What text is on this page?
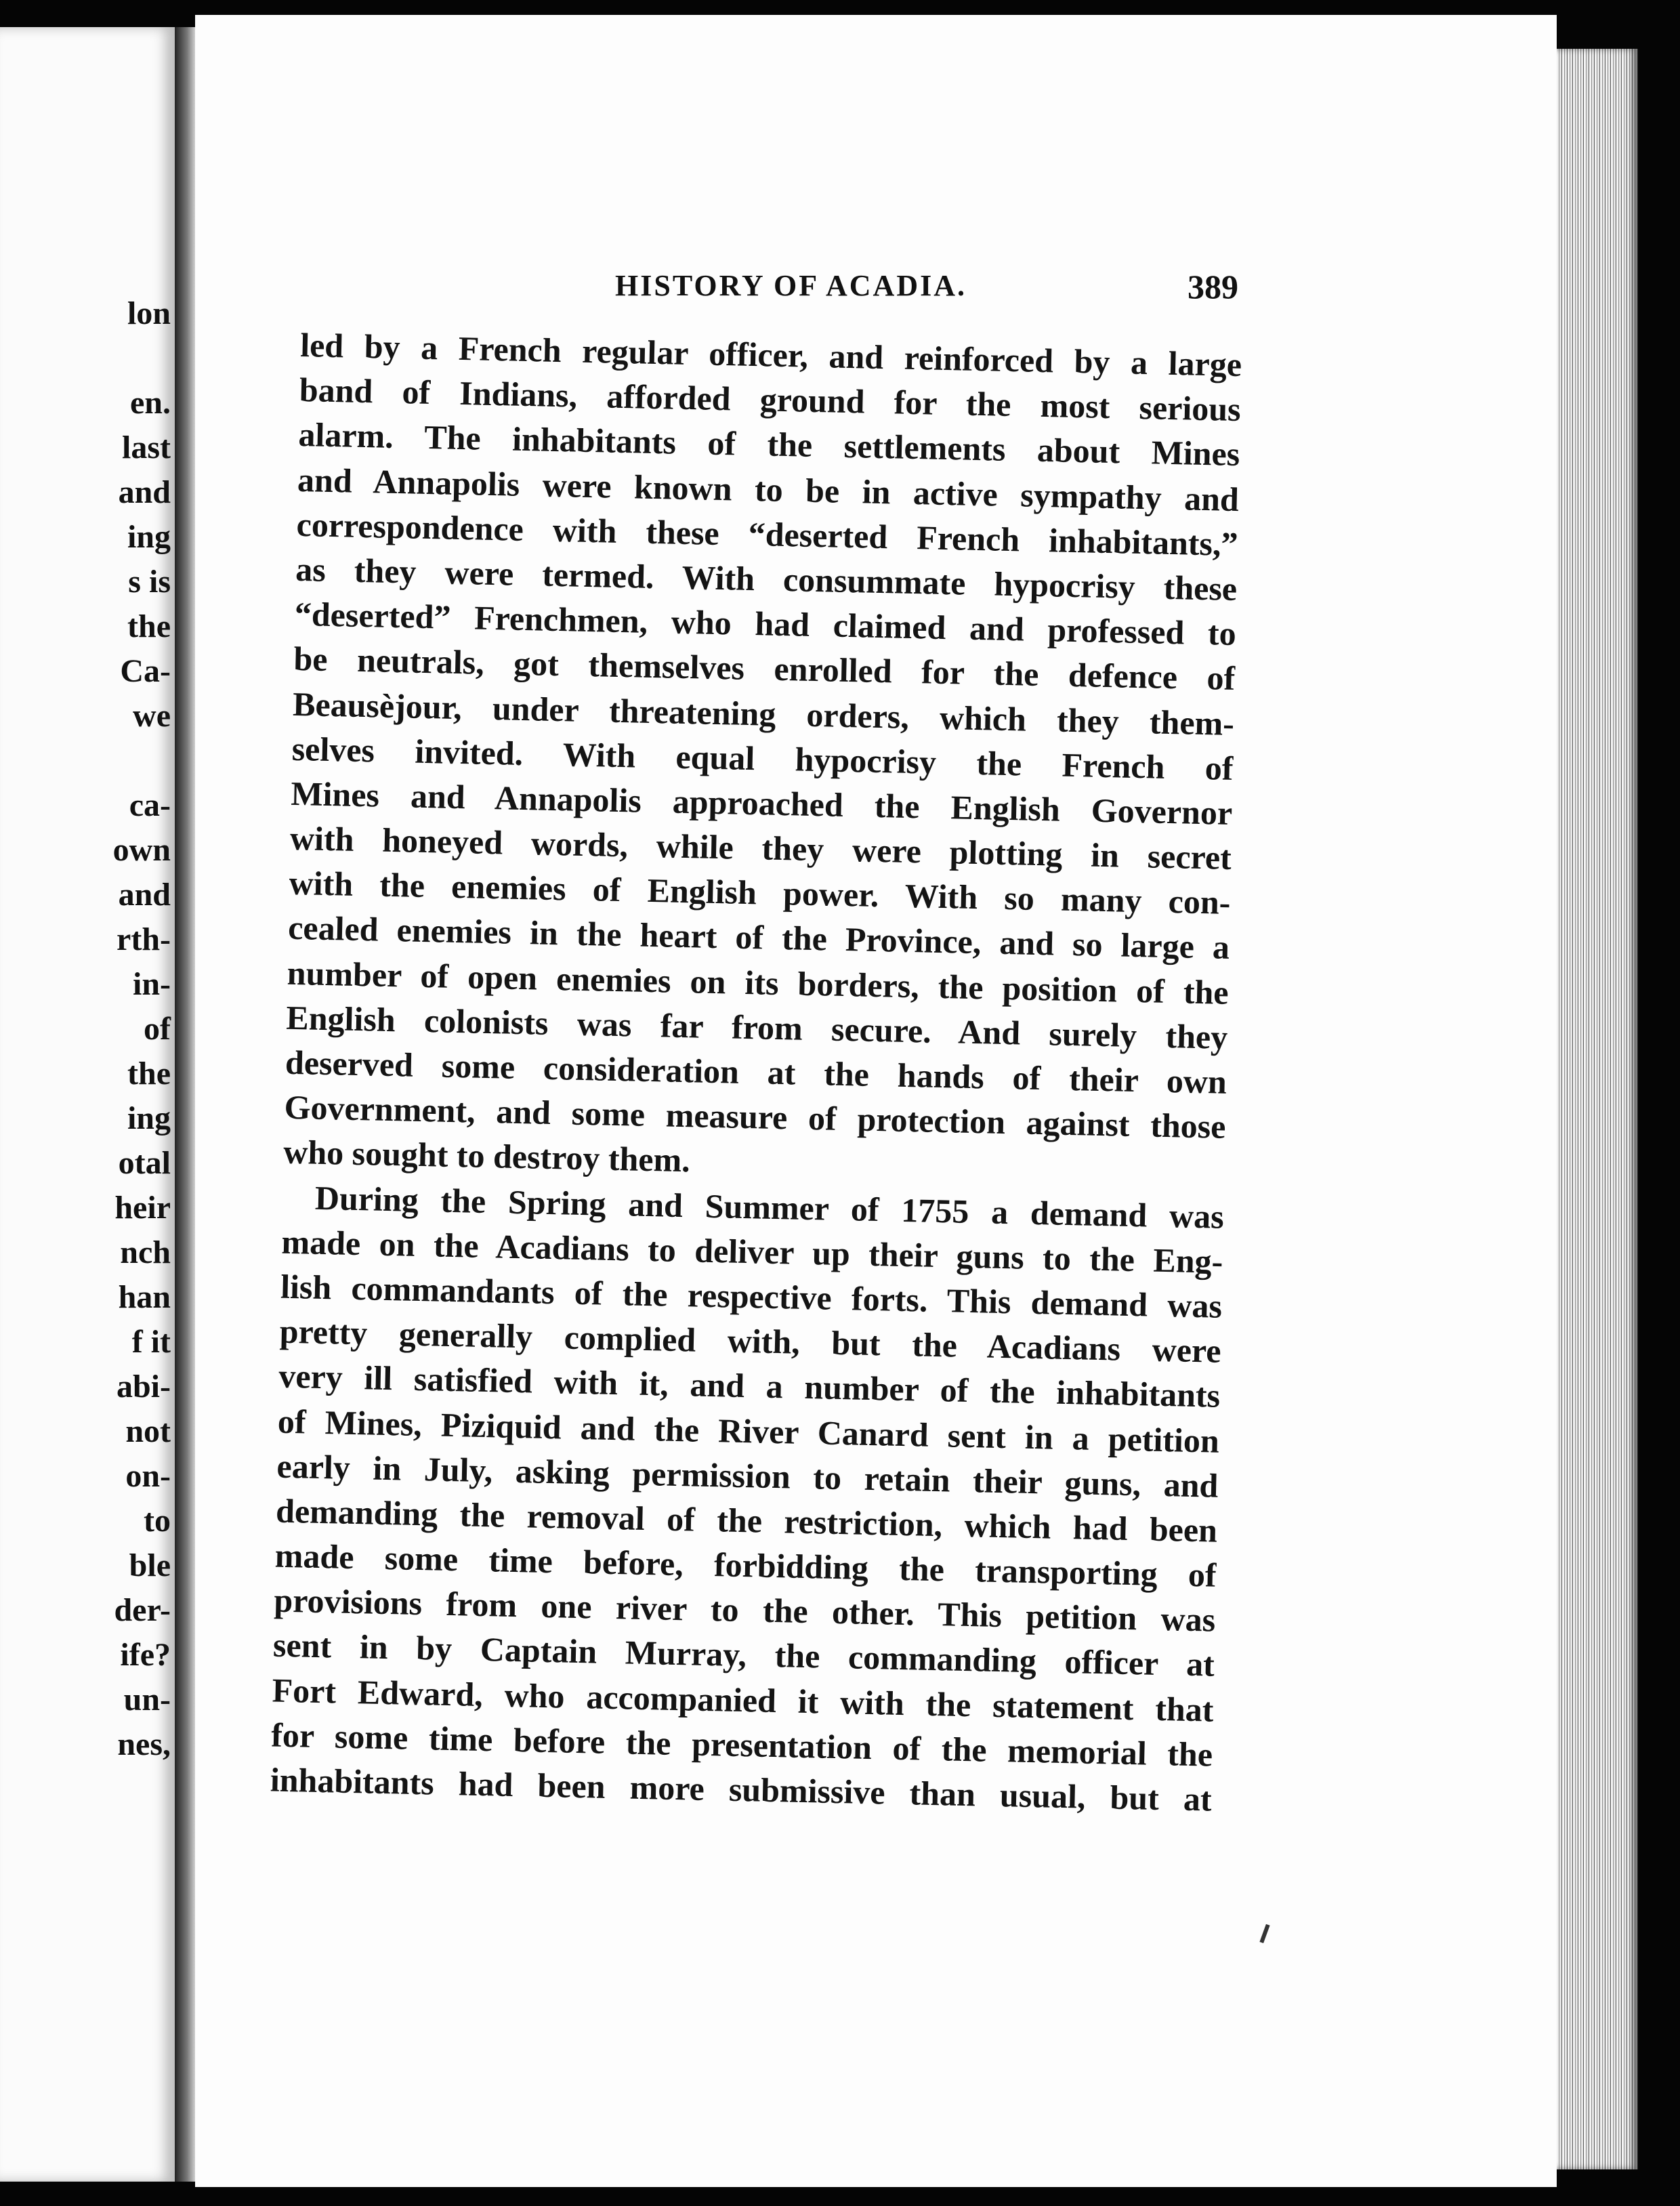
lon
en.
last
and
ing
s is
the
Ca-
we
ca-
own
and
rth-
in-
of
the
ing
otal
heir
nch
han
f it
abi-
not
on-
to
ble
der-
ife?
un-
nes,
HISTORY OF ACADIA.	389
led by a French regular officer, and reinforced by a large
band of Indians, afforded ground for the most serious
alarm. The inhabitants of the settlements about Mines
and Annapolis were known to be in active sympathy and
correspondence with these “deserted French inhabitants,”
as they were termed. With consummate hypocrisy these
“deserted” Frenchmen, who had claimed and professed to
be neutrals, got themselves enrolled for the defence of
Beausèjour, under threatening orders, which they them-
selves invited. With equal hypocrisy the French of
Mines and Annapolis approached the English Governor
with honeyed words, while they were plotting in secret
with the enemies of English power. With so many con-
cealed enemies in the heart of the Province, and so large a
number of open enemies on its borders, the position of the
English colonists was far from secure. And surely they
deserved some consideration at the hands of their own
Government, and some measure of protection against those
who sought to destroy them.
During the Spring and Summer of 1755 a demand was
made on the Acadians to deliver up their guns to the Eng-
lish commandants of the respective forts. This demand was
pretty generally complied with, but the Acadians were
very ill satisfied with it, and a number of the inhabitants
of Mines, Piziquid and the River Canard sent in a petition
early in July, asking permission to retain their guns, and
demanding the removal of the restriction, which had been
made some time before, forbidding the transporting of
provisions from one river to the other. This petition was
sent in by Captain Murray, the commanding officer at
Fort Edward, who accompanied it with the statement that
for some time before the presentation of the memorial the
inhabitants had been more submissive than usual, but at
